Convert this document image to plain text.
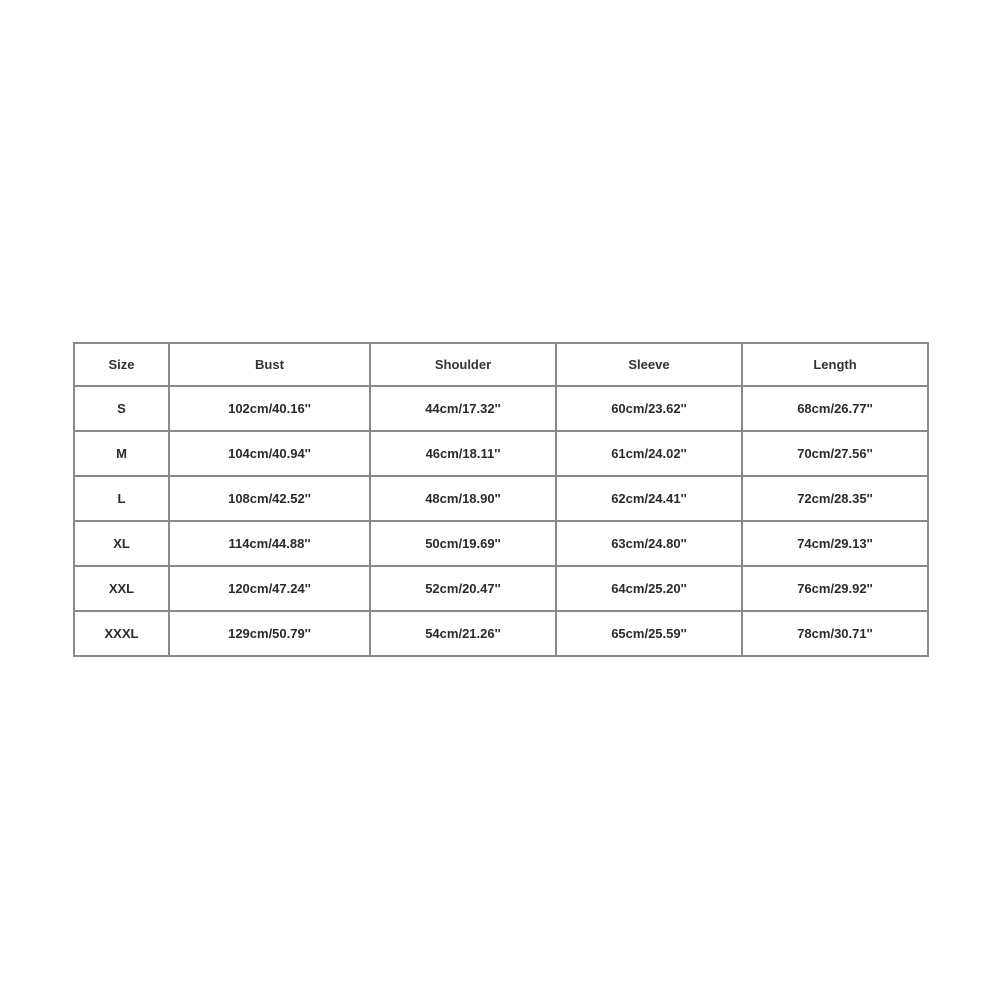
Size	Bust	Shoulder	Sleeve	Length
S	102cm/40.16''	44cm/17.32''	60cm/23.62''	68cm/26.77''
M	104cm/40.94''	46cm/18.11''	61cm/24.02''	70cm/27.56''
L	108cm/42.52''	48cm/18.90''	62cm/24.41''	72cm/28.35''
XL	114cm/44.88''	50cm/19.69''	63cm/24.80''	74cm/29.13''
XXL	120cm/47.24''	52cm/20.47''	64cm/25.20''	76cm/29.92''
XXXL	129cm/50.79''	54cm/21.26''	65cm/25.59''	78cm/30.71''
